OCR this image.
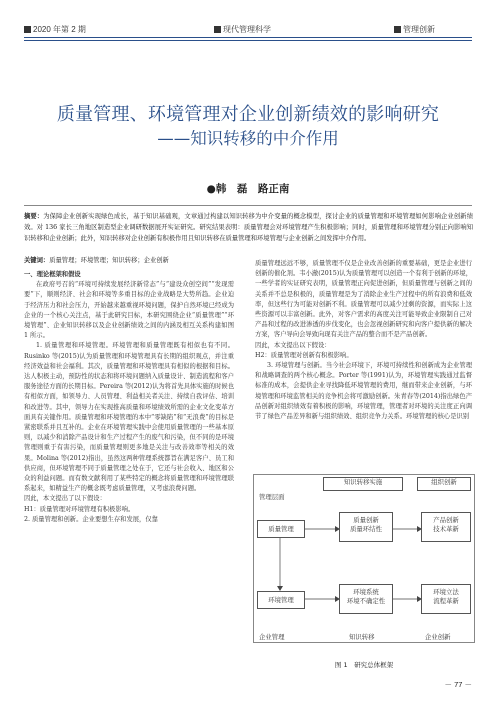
2020 年第 2 期	现代管理科学	管理创新
质量管理、环境管理对企业创新绩效的影响研究
——知识转移的中介作用
●韩　磊　路正南
摘要：为保障企业创新实现绿色成长，基于知识基础观，文章通过构建以知识转移为中介变量的概念模型，探讨企业的质量管理和环境管理如何影响企业创新绩效。对 136 家长三角地区制造型企业调研数据展开实证研究。研究结果表明：质量管理会对环境管理产生积极影响；同时，质量管理和环境管理分别正向影响知识转移和企业创新；此外，知识转移对企业创新有积极作用且知识转移在质量管理和环境管理与企业创新之间发挥中介作用。
关键词：质量管理；环境管理；知识转移；企业创新

一、理论框架和假设

在政府号召的“环境可持续发展经济新常态”与“建设众创空间”“发现需要”下，顺则经济、社会和环境等多重目标的企业战略是大势所趋。企业迫于经济压力和社会压力，开始越来越重视环境问题，保护自然环境已经成为企业的一个核心关注点，基于此研究目标，本研究围绕企业“质量管理”“环境管理”、企业知识转移以及企业创新绩效之间的内涵及相互关系构建如图 1 所示。

1. 质量管理和环境管理。环境管理和质量管理既有相似也有不同。Rusinko 等(2015)认为质量管理和环境管理具有长期的组织观点，并注重经济效益和社会福利。其次，质量管理和环境管理具有相似的根据和目标。达人积极主动，预防性的状态和将环境问题纳入质量设计、制造流程和客户服务途径方面的长期目标。Pereira 等(2012)认为将首先具体实施的时候也有相似方面，如领导力、人员管理、利益相关者关注、持续自我评估、培训和改进等。其中，领导力在实现推高质量和环境绩效所需的企业文化变革方面具有关键作用。质量管理和环境管理的本中“零缺陷”和“无浪费”的目标是紧密联系并且互补的。企业在环境管理实践中会使用质量管理的一些基本原则，以减少和消除产品设计和生产过程产生的废气和污染，但不同的是环境管理则重于有害污染，而质量管理则更多地是关注与改善效率等相关的效果。Molina 等(2012)指出，虽然这两种管理系统都旨在满足客户、员工和供应商，但环境管理不同于质量管理之处在于，它还与社会收入、地区和公众的利益问题。而有数文献利用了某些特定的概念将质量管理和环境管理联系起来，如精益生产的概念既考虑质量管理，又考虑浪费问题。

因此，本文提出了以下假设：

H1：质量管理对环境管理有积极影响。

2. 质量管理和创新。企业要想生存和发展，仅靠

质量管理远远不够，质量管理不仅是企业改善创新的重要基础，更是企业进行创新的催化剂。韦小澈(2015)认为质量管理可以创造一个有利于创新的环境，一些学者的实证研究表明，质量管理正向促进创新，但质量管理与创新之间的关系并不总是积极的，质量管理是为了消除企业生产过程中的所有浪费和低效率，但这些行为可能对创新不利。质量管理可以减少过剩的资源，而实际上这些资源可以丰富创新。此外，对客户需求的高度关注可能导致企业限制自己对产品和过程的改进渗透的步伐变化，也会忽视创新研究和向客户提供新的解决方案，客户导向会导致向现有关注产品的整合而不是产品创新。

因此，本文提出以下假设：

H2：质量管理对创新有积极影响。

3. 环境管理与创新。当今社会环境下，环境可持续性和创新成为企业管理和战略调查的两个核心概念。Porter 等(1991)认为，环境管理实践通过监督标准的成本，会提供企业寻找降低环境管理的费用，继而带来企业创新，与环境管理和环境监管相关的竞争机会将可激励创新。朱青春等(2014)指出绿色产品创新对组织绩效有着积极的影响，环境管理，管理者对环境的关注度正向调节了绿色产品差异和新与组织绩效、组织竞争力关系。环境管理的核心是识别

管理层面
知识转移实施	组织创新
质量管理
质量创新
质量环结性
产品创新
技术革新
环境管理
环境系统
环境不确定性
环境立法
流程革新
企业管理	知识转移	企业创新
图 1　研究总体框架
－ 77 －
